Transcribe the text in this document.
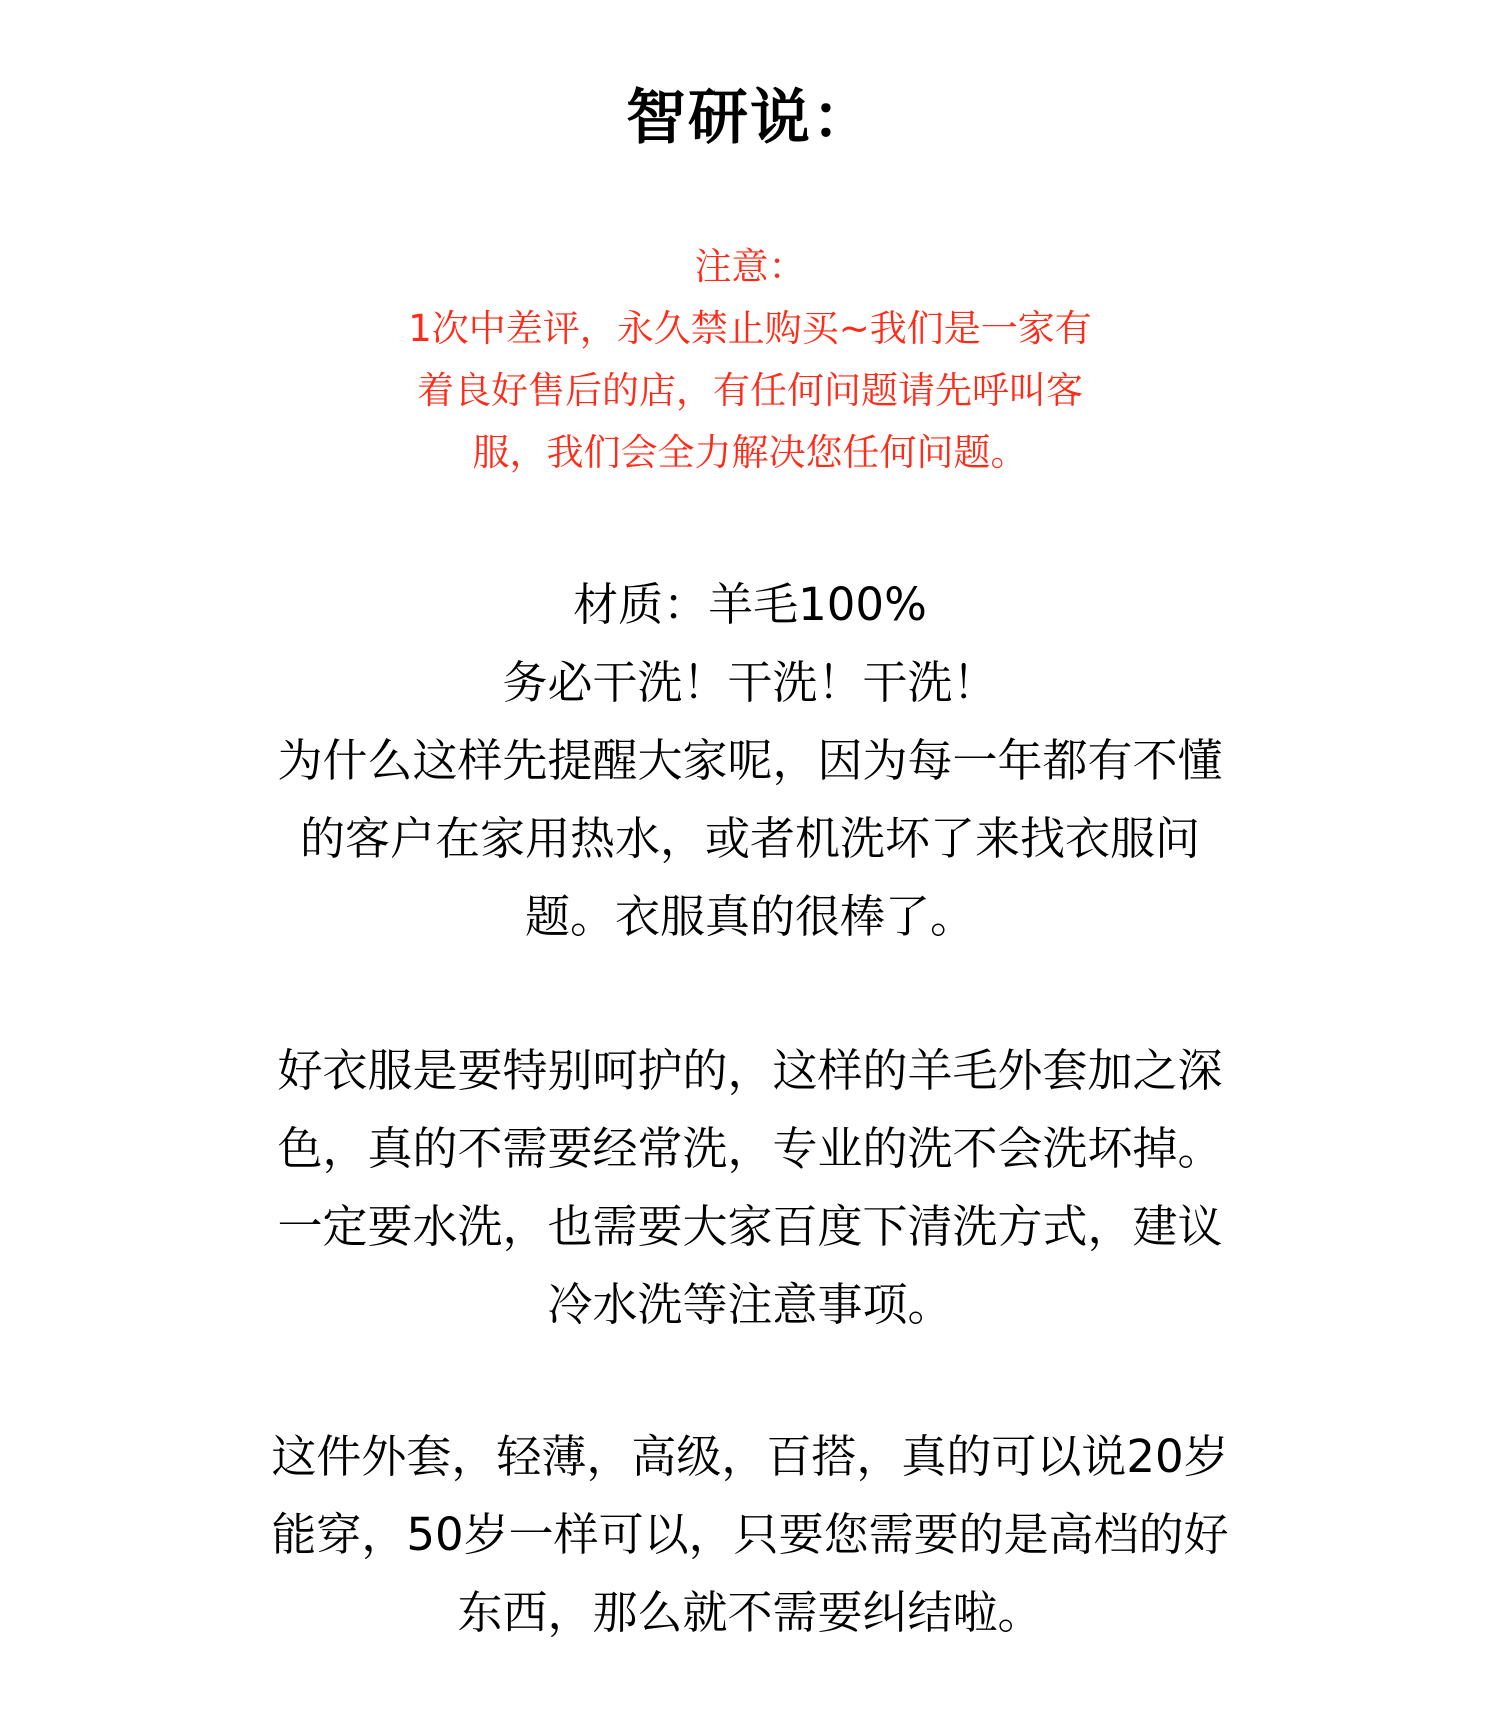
智研说：
注意：
1次中差评，永久禁止购买~我们是一家有
着良好售后的店，有任何问题请先呼叫客
服，我们会全力解决您任何问题。
材质：羊毛100%
务必干洗！干洗！干洗！
为什么这样先提醒大家呢，因为每一年都有不懂
的客户在家用热水，或者机洗坏了来找衣服问
题。衣服真的很棒了。
好衣服是要特别呵护的，这样的羊毛外套加之深
色，真的不需要经常洗，专业的洗不会洗坏掉。
一定要水洗，也需要大家百度下清洗方式，建议
冷水洗等注意事项。
这件外套，轻薄，高级，百搭，真的可以说20岁
能穿，50岁一样可以，只要您需要的是高档的好
东西，那么就不需要纠结啦。
